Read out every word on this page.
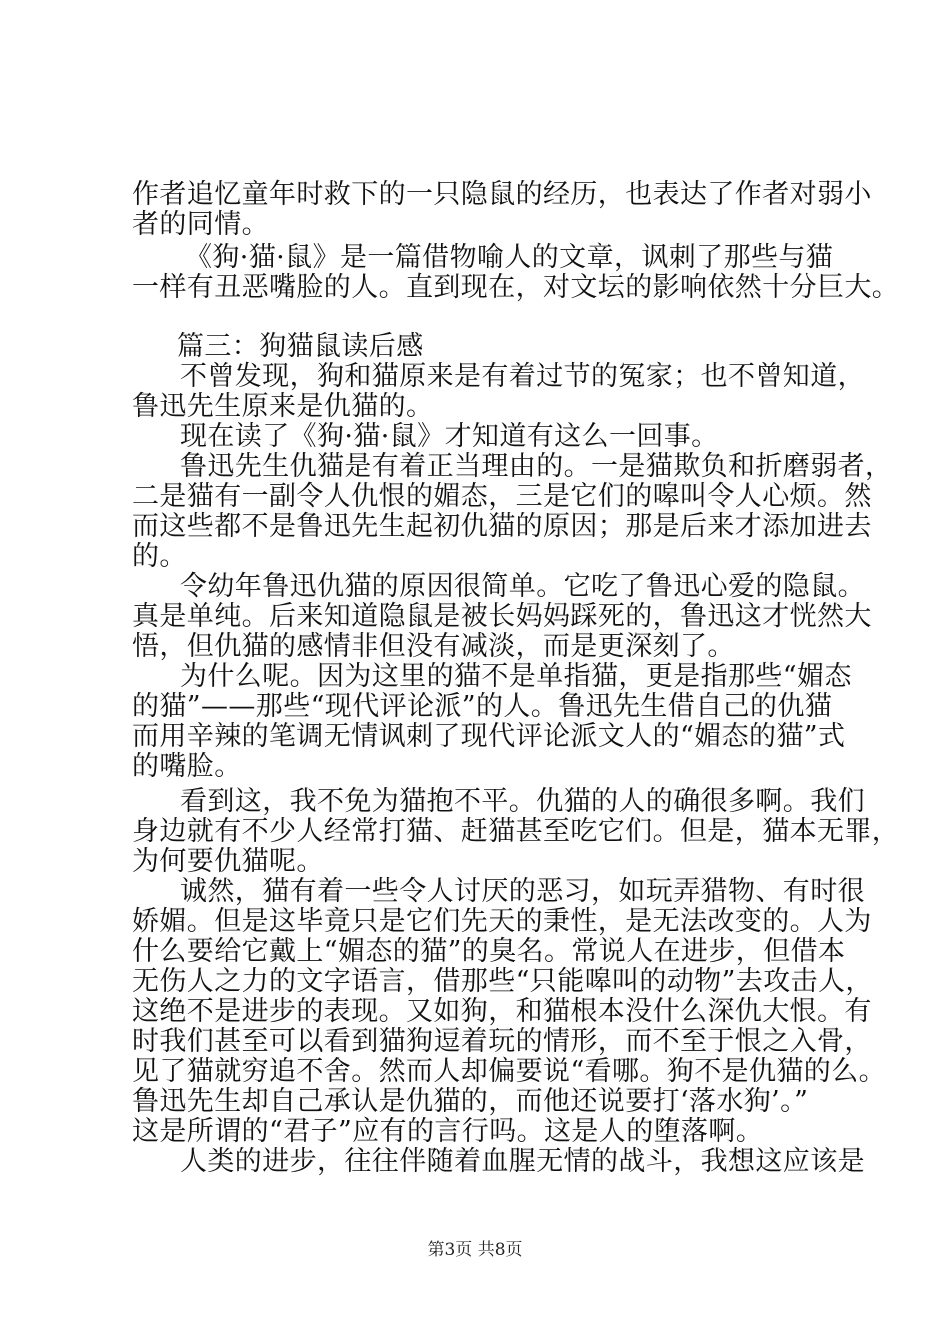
作者追忆童年时救下的一只隐鼠的经历，也表达了作者对弱小
者的同情。
《狗·猫·鼠》是一篇借物喻人的文章，讽刺了那些与猫
一样有丑恶嘴脸的人。直到现在，对文坛的影响依然十分巨大。
篇三：狗猫鼠读后感
不曾发现，狗和猫原来是有着过节的冤家；也不曾知道，
鲁迅先生原来是仇猫的。
现在读了《狗·猫·鼠》才知道有这么一回事。
鲁迅先生仇猫是有着正当理由的。一是猫欺负和折磨弱者，
二是猫有一副令人仇恨的媚态，三是它们的嗥叫令人心烦。然
而这些都不是鲁迅先生起初仇猫的原因；那是后来才添加进去
的。
令幼年鲁迅仇猫的原因很简单。它吃了鲁迅心爱的隐鼠。
真是单纯。后来知道隐鼠是被长妈妈踩死的，鲁迅这才恍然大
悟，但仇猫的感情非但没有减淡，而是更深刻了。
为什么呢。因为这里的猫不是单指猫，更是指那些“媚态
的猫”——那些“现代评论派”的人。鲁迅先生借自己的仇猫
而用辛辣的笔调无情讽刺了现代评论派文人的“媚态的猫”式
的嘴脸。
看到这，我不免为猫抱不平。仇猫的人的确很多啊。我们
身边就有不少人经常打猫、赶猫甚至吃它们。但是，猫本无罪，
为何要仇猫呢。
诚然，猫有着一些令人讨厌的恶习，如玩弄猎物、有时很
娇媚。但是这毕竟只是它们先天的秉性，是无法改变的。人为
什么要给它戴上“媚态的猫”的臭名。常说人在进步，但借本
无伤人之力的文字语言，借那些“只能嗥叫的动物”去攻击人，
这绝不是进步的表现。又如狗，和猫根本没什么深仇大恨。有
时我们甚至可以看到猫狗逗着玩的情形，而不至于恨之入骨，
见了猫就穷追不舍。然而人却偏要说“看哪。狗不是仇猫的么。
鲁迅先生却自己承认是仇猫的，而他还说要打‘落水狗’。”
这是所谓的“君子”应有的言行吗。这是人的堕落啊。
人类的进步，往往伴随着血腥无情的战斗，我想这应该是
第3页 共8页
